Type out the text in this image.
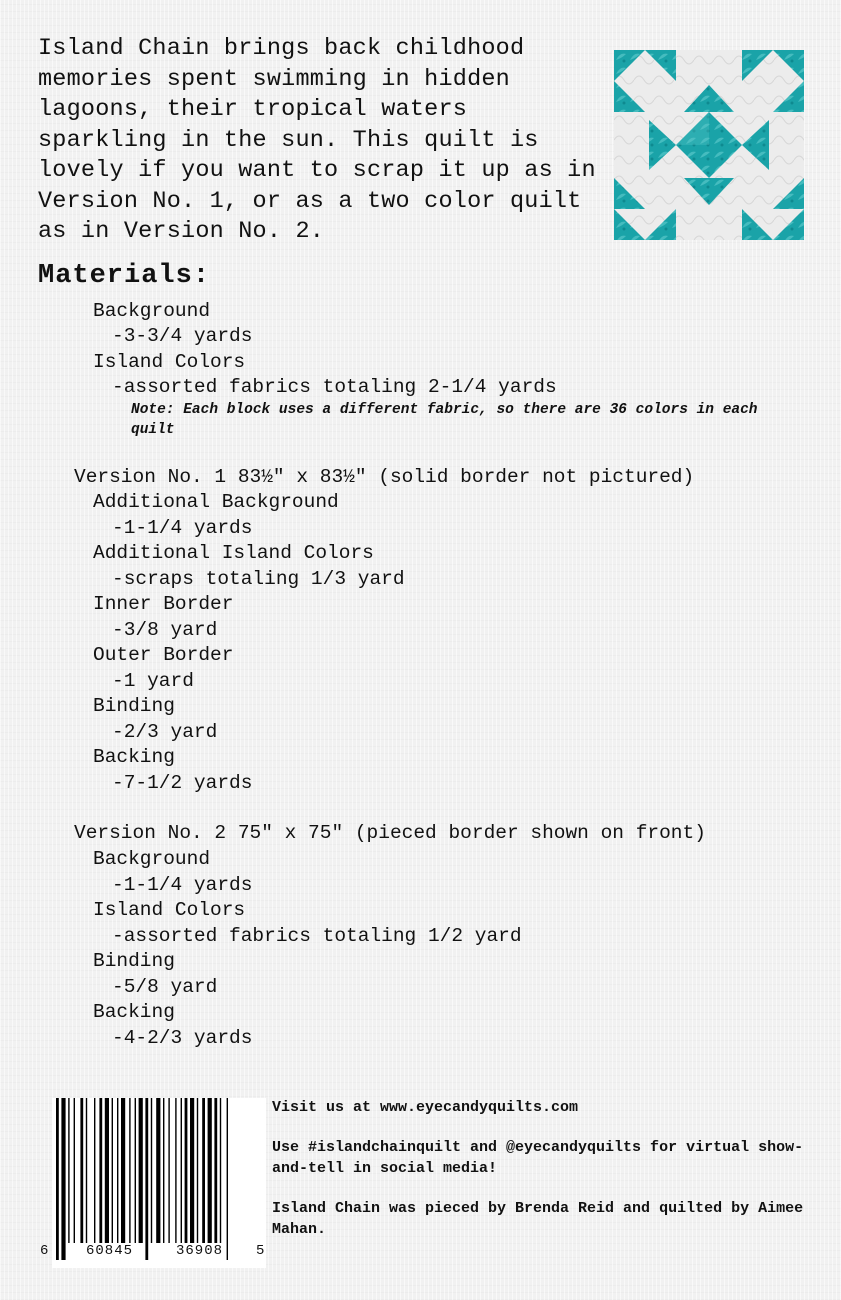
Island Chain brings back childhood memories spent swimming in hidden lagoons, their tropical waters sparkling in the sun. This quilt is lovely if you want to scrap it up as in Version No. 1, or as a two color quilt as in Version No. 2.

Materials:

Background

-3-3/4 yards

Island Colors

-assorted fabrics totaling 2-1/4 yards

Note: Each block uses a different fabric, so there are 36 colors in each quilt

Version No. 1 83½" x 83½" (solid border not pictured)

Additional Background

-1-1/4 yards

Additional Island Colors

-scraps totaling 1/3 yard

Inner Border

-3/8 yard

Outer Border

-1 yard

Binding

-2/3 yard

Backing

-7-1/2 yards

Version No. 2 75" x 75" (pieced border shown on front)

Background

-1-1/4 yards

Island Colors

-assorted fabrics totaling 1/2 yard

Binding

-5/8 yard

Backing

-4-2/3 yards

6	60845	36908 5

Visit us at www.eyecandyquilts.com

Use #islandchainquilt and @eyecandyquilts for virtual show-and-tell in social media!

Island Chain was pieced by Brenda Reid and quilted by Aimee Mahan.
